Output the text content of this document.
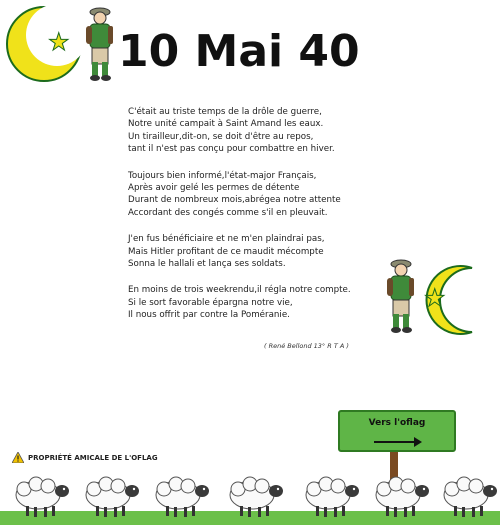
★ 10 Mai 40
C'était au triste temps de la drôle de guerre,
Notre unité campait à Saint Amand les eaux.
Un tirailleur,dit-on, se doit d'être au repos,
tant il n'est pas conçu pour combattre en hiver.
Toujours bien informé,l'état-major Français,
Après avoir gelé les permes de détente
Durant de nombreux mois,abrégea notre attente
Accordant des congés comme s'il en pleuvait.
J'en fus bénéficiaire et ne m'en plaindrai pas,
Mais Hitler profitant de ce maudit mécompte
Sonna le hallali et lança ses soldats.
En moins de trois weekrendu,il régla notre compte.
Si le sort favorable épargna notre vie,
Il nous offrit par contre la Poméranie.
( René Bellond 13° R T A )
★
Vers l'oflag
PROPRIÉTÉ AMICALE DE L'OFLAG
